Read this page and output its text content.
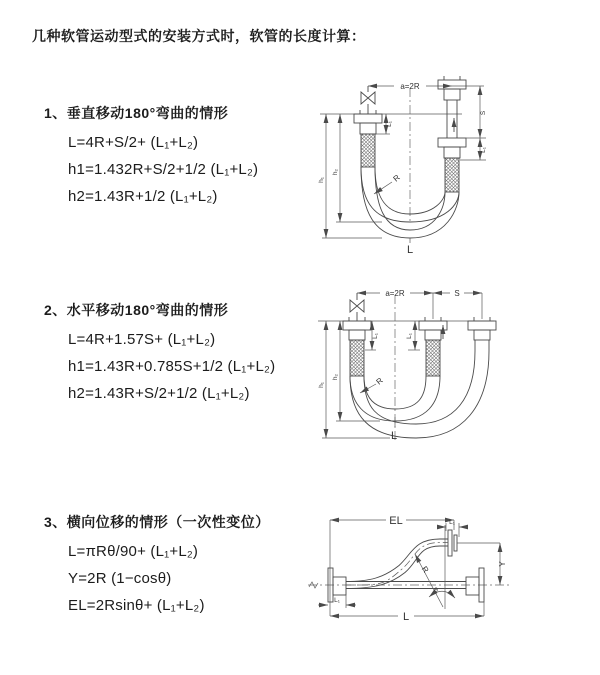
几种软管运动型式的安装方式时，软管的长度计算：
1、垂直移动180°弯曲的情形
L=4R+S/2+ (L₁+L₂)
h1=1.432R+S/2+1/2 (L₁+L₂)
h2=1.43R+1/2 (L₁+L₂)
2、水平移动180°弯曲的情形
L=4R+1.57S+ (L₁+L₂)
h1=1.43R+0.785S+1/2 (L₁+L₂)
h2=1.43R+S/2+1/2 (L₁+L₂)
3、横向位移的情形（一次性变位）
L=πRθ/90+ (L₁+L₂)
Y=2R (1−cosθ)
EL=2Rsinθ+ (L₁+L₂)
a=2R
h₁
h₂
L₁
S
L₁
R
L
a=2R	S
h₁
h₂
L₁	L₁
R
L
EL	L₁
Y
R
θ
L₁
L
